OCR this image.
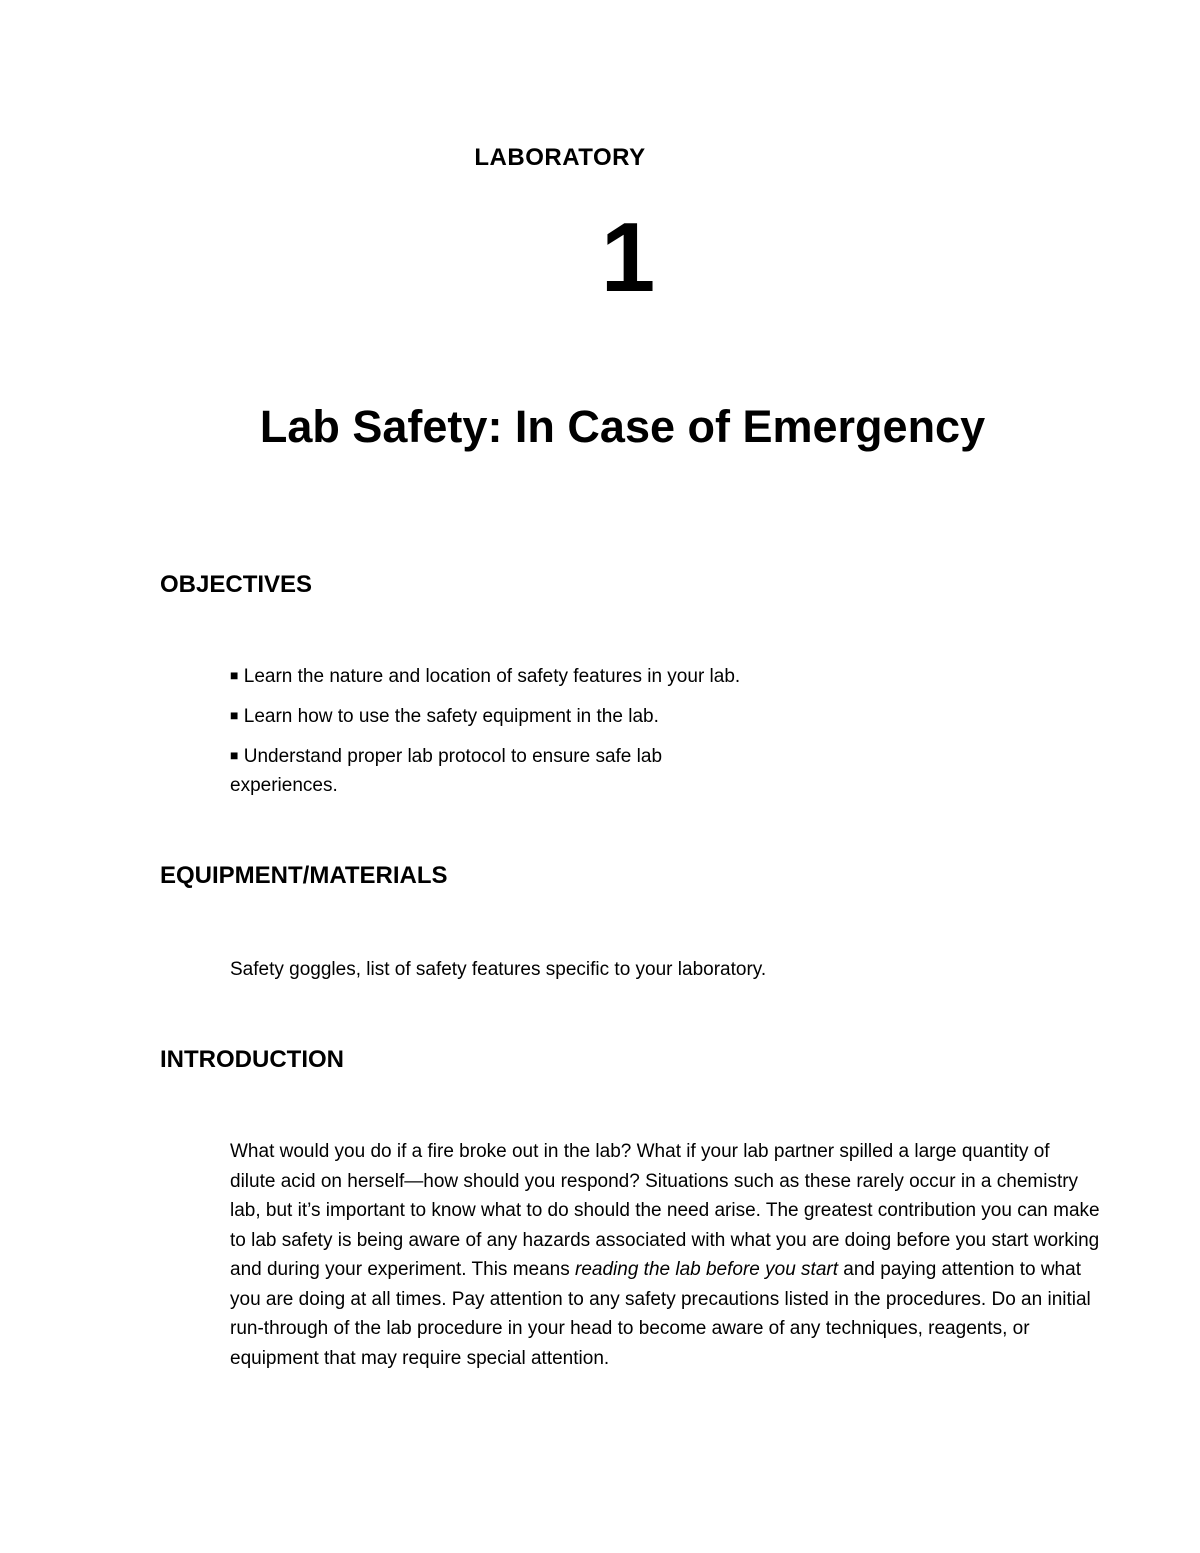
LABORATORY
1
Lab Safety: In Case of Emergency
OBJECTIVES
■ Learn the nature and location of safety features in your lab.
■ Learn how to use the safety equipment in the lab.
■ Understand proper lab protocol to ensure safe lab experiences.
EQUIPMENT/MATERIALS
Safety goggles, list of safety features specific to your laboratory.
INTRODUCTION
What would you do if a fire broke out in the lab? What if your lab partner spilled a large quantity of dilute acid on herself—how should you respond? Situations such as these rarely occur in a chemistry lab, but it’s important to know what to do should the need arise. The greatest contribution you can make to lab safety is being aware of any hazards associated with what you are doing before you start working and during your experiment. This means reading the lab before you start and paying attention to what you are doing at all times. Pay attention to any safety precautions listed in the procedures. Do an initial run-through of the lab procedure in your head to become aware of any techniques, reagents, or equipment that may require special attention.
